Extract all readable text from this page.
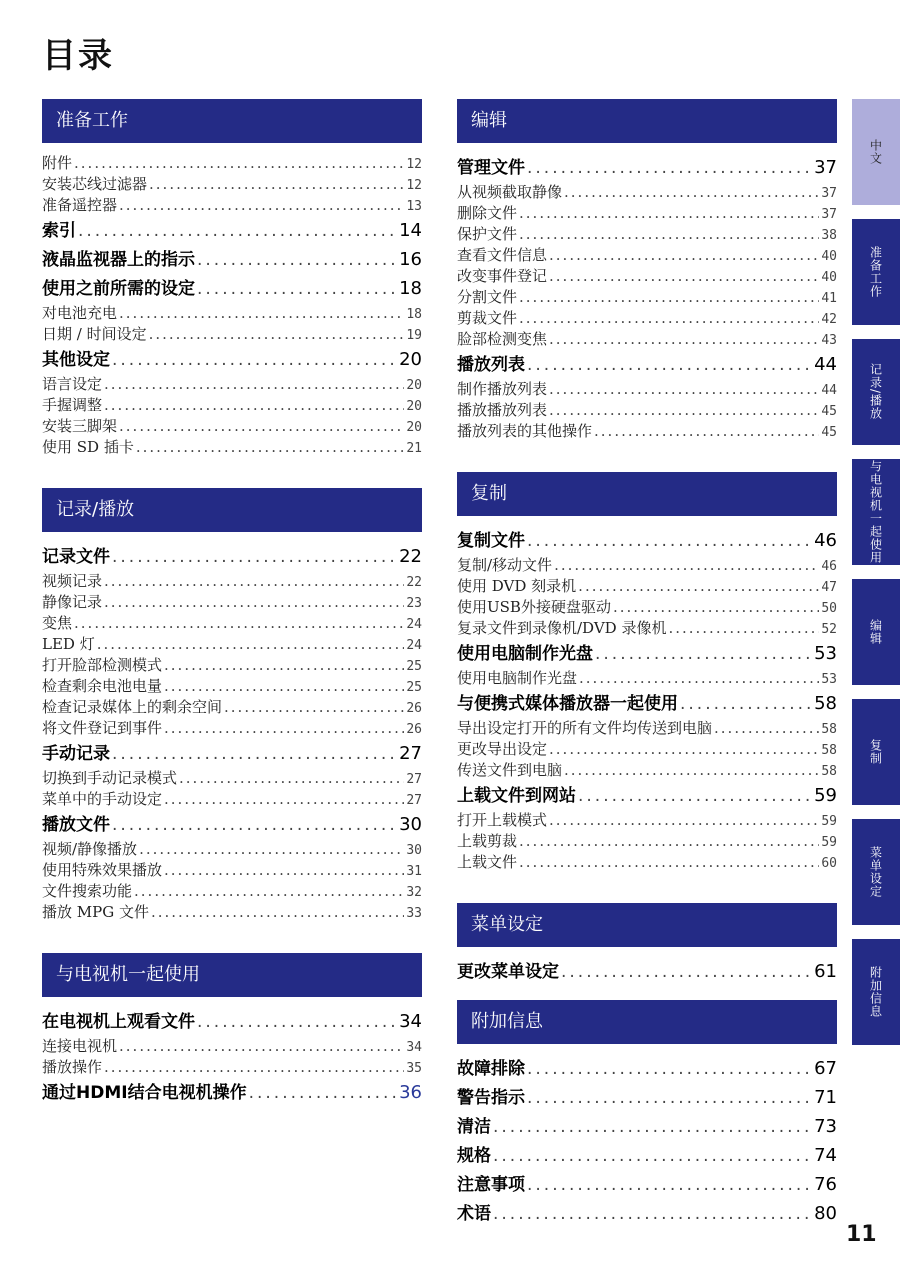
目录
准备工作
附件 .....	12
安装芯线过滤器 .....	12
准备遥控器 .....	13
索引 .....	14
液晶监视器上的指示 .....	16
使用之前所需的设定 .....	18
对电池充电 .....	18
日期 / 时间设定 .....	19
其他设定 .....	20
语言设定 .....	20
手握调整 .....	20
安装三脚架 .....	20
使用 SD 插卡 .....	21
记录/播放
记录文件 .....	22
视频记录 .....	22
静像记录 .....	23
变焦 .....	24
LED 灯 .....	24
打开脸部检测模式 .....	25
检查剩余电池电量 .....	25
检查记录媒体上的剩余空间 .....	26
将文件登记到事件 .....	26
手动记录 .....	27
切换到手动记录模式 .....	27
菜单中的手动设定 .....	27
播放文件 .....	30
视频/静像播放 .....	30
使用特殊效果播放 .....	31
文件搜索功能 .....	32
播放 MPG 文件 .....	33
与电视机一起使用
在电视机上观看文件 .....	34
连接电视机 .....	34
播放操作 .....	35
通过HDMI结合电视机操作 .....	36
编辑
管理文件 .....	37
从视频截取静像 .....	37
删除文件 .....	37
保护文件 .....	38
查看文件信息 .....	40
改变事件登记 .....	40
分割文件 .....	41
剪裁文件 .....	42
脸部检测变焦 .....	43
播放列表 .....	44
制作播放列表 .....	44
播放播放列表 .....	45
播放列表的其他操作 .....	45
复制
复制文件 .....	46
复制/移动文件 .....	46
使用 DVD 刻录机 .....	47
使用USB外接硬盘驱动 .....	50
复录文件到录像机/DVD 录像机 .....	52
使用电脑制作光盘 .....	53
使用电脑制作光盘 .....	53
与便携式媒体播放器一起使用 .....	58
导出设定打开的所有文件均传送到电脑 .....	58
更改导出设定 .....	58
传送文件到电脑 .....	58
上载文件到网站 .....	59
打开上载模式 .....	59
上载剪裁 .....	59
上载文件 .....	60
菜单设定
更改菜单设定 .....	61
附加信息
故障排除 .....	67
警告指示 .....	71
清洁 .....	73
规格 .....	74
注意事项 .....	76
术语 .....	80
中文
准备工作
记录/播放
与电视机一起使用
编辑
复制
菜单设定
附加信息
11
